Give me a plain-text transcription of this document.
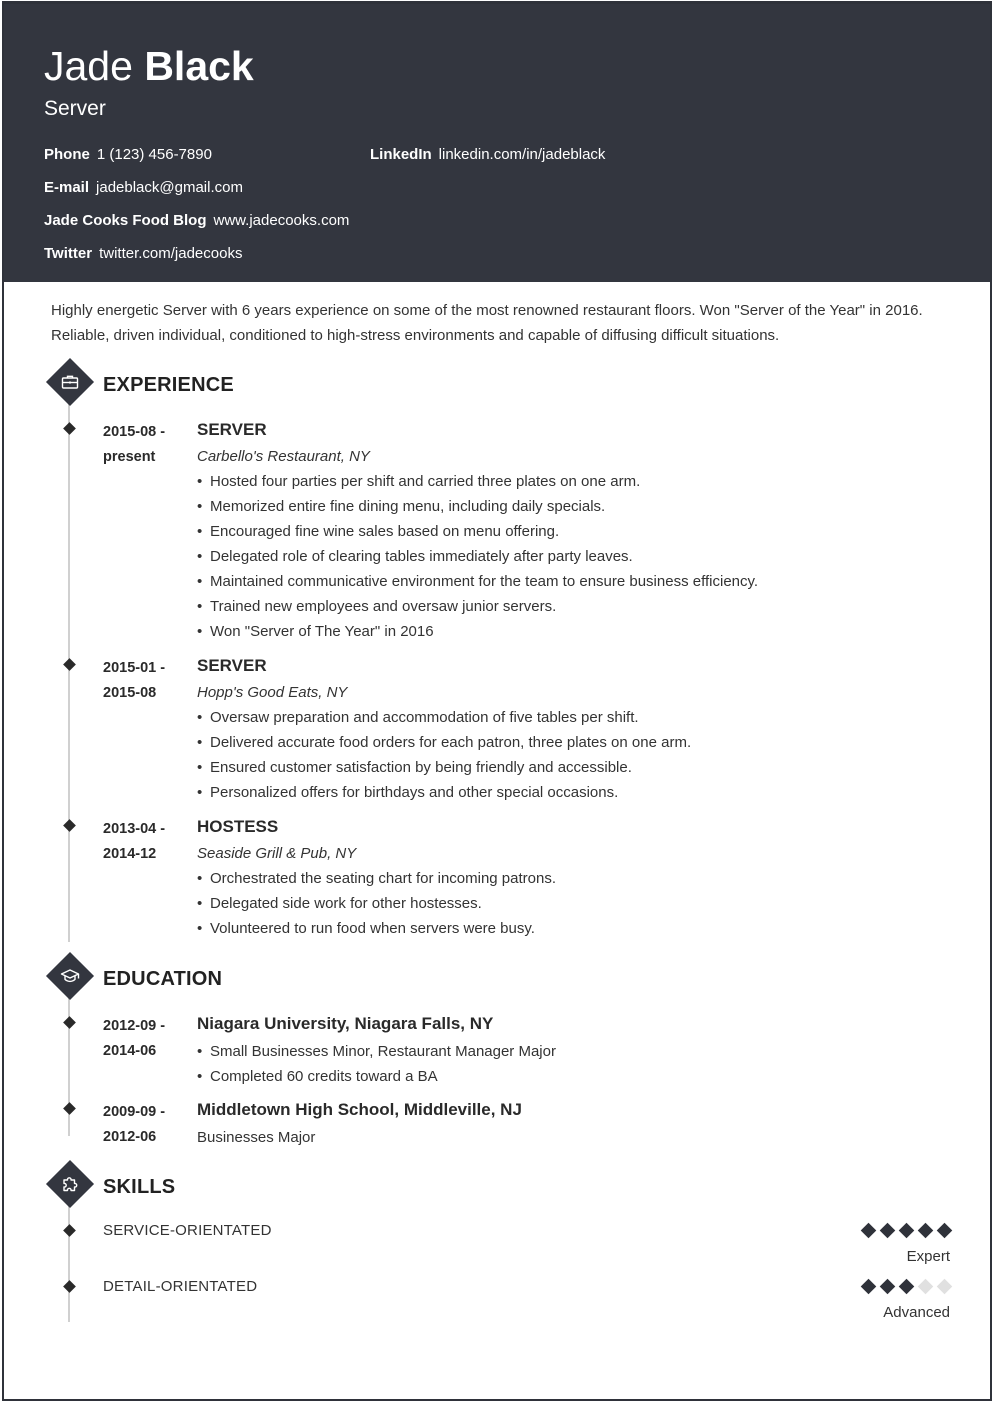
Jade Black
Server
Phone 1 (123) 456-7890	LinkedIn linkedin.com/in/jadeblack
E-mail jadeblack@gmail.com
Jade Cooks Food Blog www.jadecooks.com
Twitter twitter.com/jadecooks
Highly energetic Server with 6 years experience on some of the most renowned restaurant floors. Won "Server of the Year" in 2016. Reliable, driven individual, conditioned to high-stress environments and capable of diffusing difficult situations.
EXPERIENCE
2015-08 -
present
SERVER
Carbello's Restaurant, NY
• Hosted four parties per shift and carried three plates on one arm.
• Memorized entire fine dining menu, including daily specials.
• Encouraged fine wine sales based on menu offering.
• Delegated role of clearing tables immediately after party leaves.
• Maintained communicative environment for the team to ensure business efficiency.
• Trained new employees and oversaw junior servers.
• Won "Server of The Year" in 2016
2015-01 -
2015-08
SERVER
Hopp's Good Eats, NY
• Oversaw preparation and accommodation of five tables per shift.
• Delivered accurate food orders for each patron, three plates on one arm.
• Ensured customer satisfaction by being friendly and accessible.
• Personalized offers for birthdays and other special occasions.
2013-04 -
2014-12
HOSTESS
Seaside Grill & Pub, NY
• Orchestrated the seating chart for incoming patrons.
• Delegated side work for other hostesses.
• Volunteered to run food when servers were busy.
EDUCATION
2012-09 -
2014-06
Niagara University, Niagara Falls, NY
• Small Businesses Minor, Restaurant Manager Major
• Completed 60 credits toward a BA
2009-09 -
2012-06
Middletown High School, Middleville, NJ
Businesses Major
SKILLS
SERVICE-ORIENTATED
Expert
DETAIL-ORIENTATED
Advanced
